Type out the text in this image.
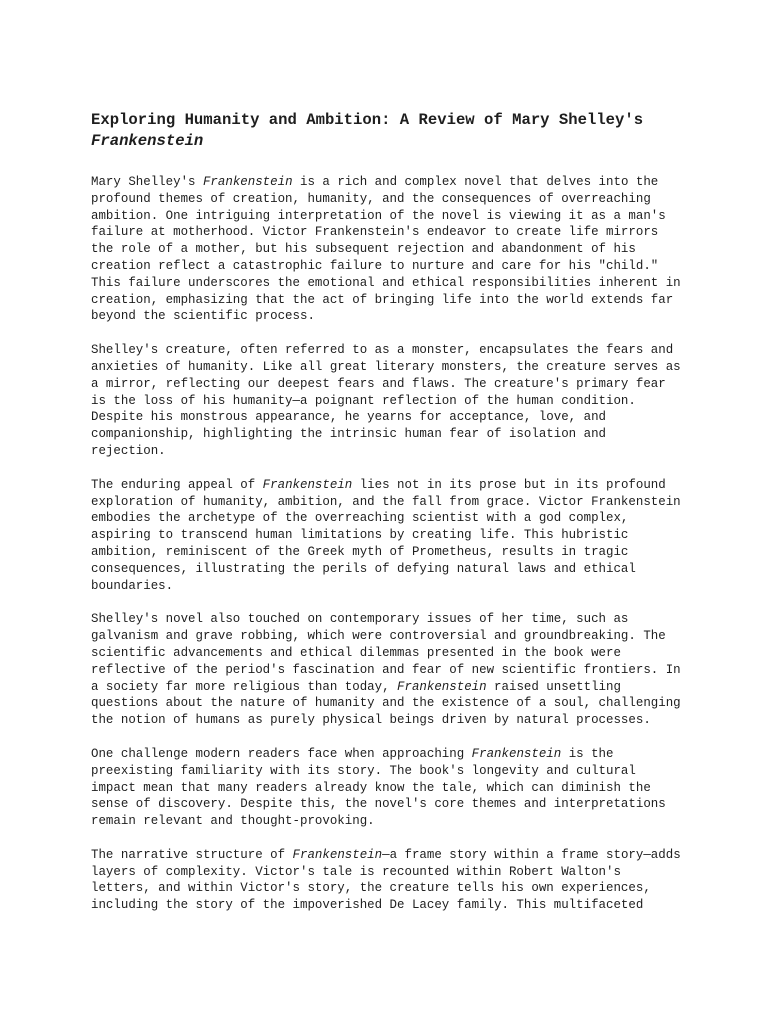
Exploring Humanity and Ambition: A Review of Mary Shelley's
Frankenstein

Mary Shelley's Frankenstein is a rich and complex novel that delves into the
profound themes of creation, humanity, and the consequences of overreaching
ambition. One intriguing interpretation of the novel is viewing it as a man's
failure at motherhood. Victor Frankenstein's endeavor to create life mirrors
the role of a mother, but his subsequent rejection and abandonment of his
creation reflect a catastrophic failure to nurture and care for his "child."
This failure underscores the emotional and ethical responsibilities inherent in
creation, emphasizing that the act of bringing life into the world extends far
beyond the scientific process.

Shelley's creature, often referred to as a monster, encapsulates the fears and
anxieties of humanity. Like all great literary monsters, the creature serves as
a mirror, reflecting our deepest fears and flaws. The creature's primary fear
is the loss of his humanity—a poignant reflection of the human condition.
Despite his monstrous appearance, he yearns for acceptance, love, and
companionship, highlighting the intrinsic human fear of isolation and
rejection.

The enduring appeal of Frankenstein lies not in its prose but in its profound
exploration of humanity, ambition, and the fall from grace. Victor Frankenstein
embodies the archetype of the overreaching scientist with a god complex,
aspiring to transcend human limitations by creating life. This hubristic
ambition, reminiscent of the Greek myth of Prometheus, results in tragic
consequences, illustrating the perils of defying natural laws and ethical
boundaries.

Shelley's novel also touched on contemporary issues of her time, such as
galvanism and grave robbing, which were controversial and groundbreaking. The
scientific advancements and ethical dilemmas presented in the book were
reflective of the period's fascination and fear of new scientific frontiers. In
a society far more religious than today, Frankenstein raised unsettling
questions about the nature of humanity and the existence of a soul, challenging
the notion of humans as purely physical beings driven by natural processes.

One challenge modern readers face when approaching Frankenstein is the
preexisting familiarity with its story. The book's longevity and cultural
impact mean that many readers already know the tale, which can diminish the
sense of discovery. Despite this, the novel's core themes and interpretations
remain relevant and thought-provoking.

The narrative structure of Frankenstein—a frame story within a frame story—adds
layers of complexity. Victor's tale is recounted within Robert Walton's
letters, and within Victor's story, the creature tells his own experiences,
including the story of the impoverished De Lacey family. This multifaceted
